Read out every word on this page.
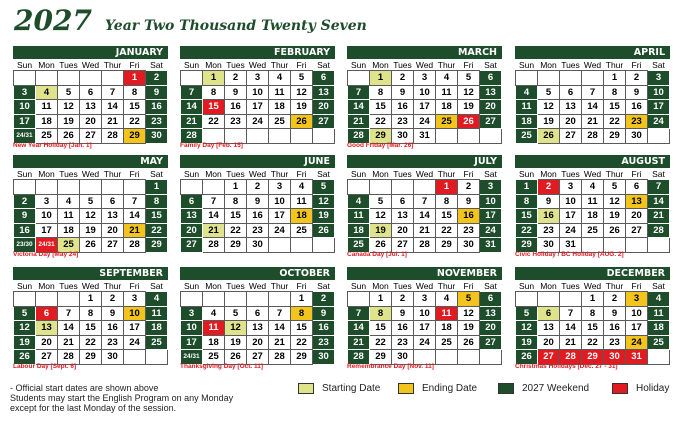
2027 Year Two Thousand Twenty Seven
JANUARY
Sun	Mon	Tues	Wed	Thur	Fri	Sat
					1	2
3	4	5	6	7	8	9
10	11	12	13	14	15	16
17	18	19	20	21	22	23
24/31	25	26	27	28	29	30
New Year Holiday [Jan. 1]
FEBRUARY
Sun	Mon	Tues	Wed	Thur	Fri	Sat
	1	2	3	4	5	6
7	8	9	10	11	12	13
14	15	16	17	18	19	20
21	22	23	24	25	26	27
28						
Family Day [Feb. 15]
MARCH
Sun	Mon	Tues	Wed	Thur	Fri	Sat
	1	2	3	4	5	6
7	8	9	10	11	12	13
14	15	16	17	18	19	20
21	22	23	24	25	26	27
28	29	30	31			
Good Friday [Mar. 26]
APRIL
Sun	Mon	Tues	Wed	Thur	Fri	Sat
				1	2	3
4	5	6	7	8	9	10
11	12	13	14	15	16	17
18	19	20	21	22	23	24
25	26	27	28	29	30	
MAY
Sun	Mon	Tues	Wed	Thur	Fri	Sat
						1
2	3	4	5	6	7	8
9	10	11	12	13	14	15
16	17	18	19	20	21	22
23/30	24/31	25	26	27	28	29
Victoria Day [May 24]
JUNE
Sun	Mon	Tues	Wed	Thur	Fri	Sat
		1	2	3	4	5
6	7	8	9	10	11	12
13	14	15	16	17	18	19
20	21	22	23	24	25	26
27	28	29	30			
JULY
Sun	Mon	Tues	Wed	Thur	Fri	Sat
				1	2	3
4	5	6	7	8	9	10
11	12	13	14	15	16	17
18	19	20	21	22	23	24
25	26	27	28	29	30	31
Canada Day [Jul. 1]
AUGUST
Sun	Mon	Tues	Wed	Thur	Fri	Sat
1	2	3	4	5	6	7
8	9	10	11	12	13	14
15	16	17	18	19	20	21
22	23	24	25	26	27	28
29	30	31				
Civic Holiday / BC Holiday [AUG. 2]
SEPTEMBER
Sun	Mon	Tues	Wed	Thur	Fri	Sat
			1	2	3	4
5	6	7	8	9	10	11
12	13	14	15	16	17	18
19	20	21	22	23	24	25
26	27	28	29	30		
Labour Day [Sept. 6]
OCTOBER
Sun	Mon	Tues	Wed	Thur	Fri	Sat
					1	2
3	4	5	6	7	8	9
10	11	12	13	14	15	16
17	18	19	20	21	22	23
24/31	25	26	27	28	29	30
Thanksgiving Day [Oct. 11]
NOVEMBER
Sun	Mon	Tues	Wed	Thur	Fri	Sat
	1	2	3	4	5	6
7	8	9	10	11	12	13
14	15	16	17	18	19	20
21	22	23	24	25	26	27
28	29	30				
Remembrance Day [Nov. 11]
DECEMBER
Sun	Mon	Tues	Wed	Thur	Fri	Sat
			1	2	3	4
5	6	7	8	9	10	11
12	13	14	15	16	17	18
19	20	21	22	23	24	25
26	27	28	29	30	31	
Christmas Holidays [Dec. 27 - 31]
- Official start dates are shown above
Students may start the English Program on any Monday
except for the last Monday of the session.
Starting Date	Ending Date	2027 Weekend	Holiday
